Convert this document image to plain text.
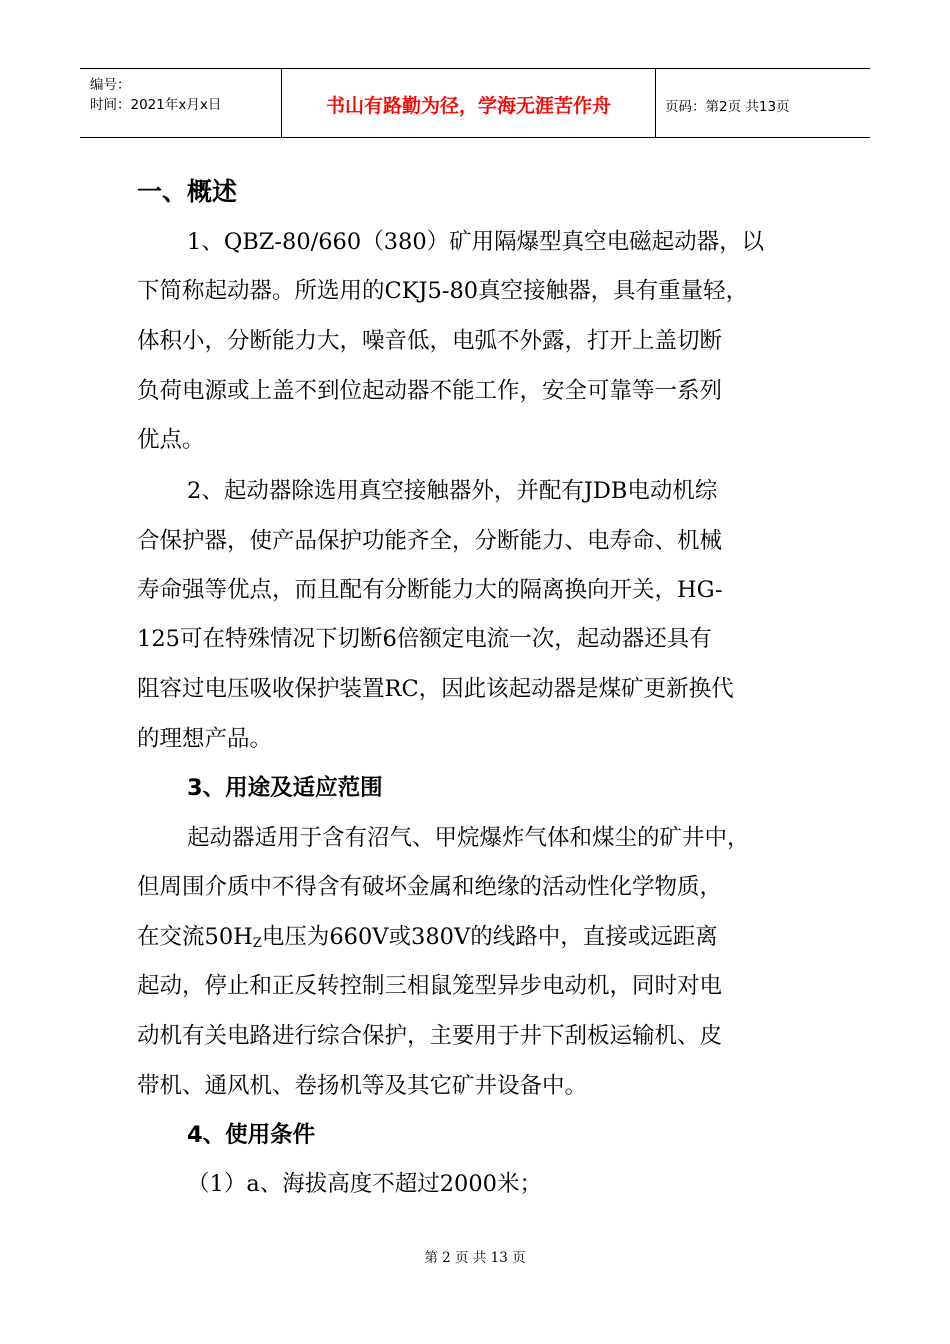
编号：
时间：2021年x月x日	书山有路勤为径，学海无涯苦作舟	页码：第2页 共13页
一、概述
1、QBZ-80/660（380）矿用隔爆型真空电磁起动器，以
下简称起动器。所选用的CKJ5-80真空接触器，具有重量轻，
体积小，分断能力大，噪音低，电弧不外露，打开上盖切断
负荷电源或上盖不到位起动器不能工作，安全可靠等一系列
优点。
2、起动器除选用真空接触器外，并配有JDB电动机综
合保护器，使产品保护功能齐全，分断能力、电寿命、机械
寿命强等优点，而且配有分断能力大的隔离换向开关，HG-
125可在特殊情况下切断6倍额定电流一次，起动器还具有
阻容过电压吸收保护装置RC，因此该起动器是煤矿更新换代
的理想产品。
3、用途及适应范围
起动器适用于含有沼气、甲烷爆炸气体和煤尘的矿井中，
但周围介质中不得含有破坏金属和绝缘的活动性化学物质，
在交流$50H_Z$电压为660V或380V的线路中，直接或远距离
起动，停止和正反转控制三相鼠笼型异步电动机，同时对电
动机有关电路进行综合保护，主要用于井下刮板运输机、皮
带机、通风机、卷扬机等及其它矿井设备中。
4、使用条件
（1）a、海拔高度不超过2000米；
第 2 页 共 13 页
